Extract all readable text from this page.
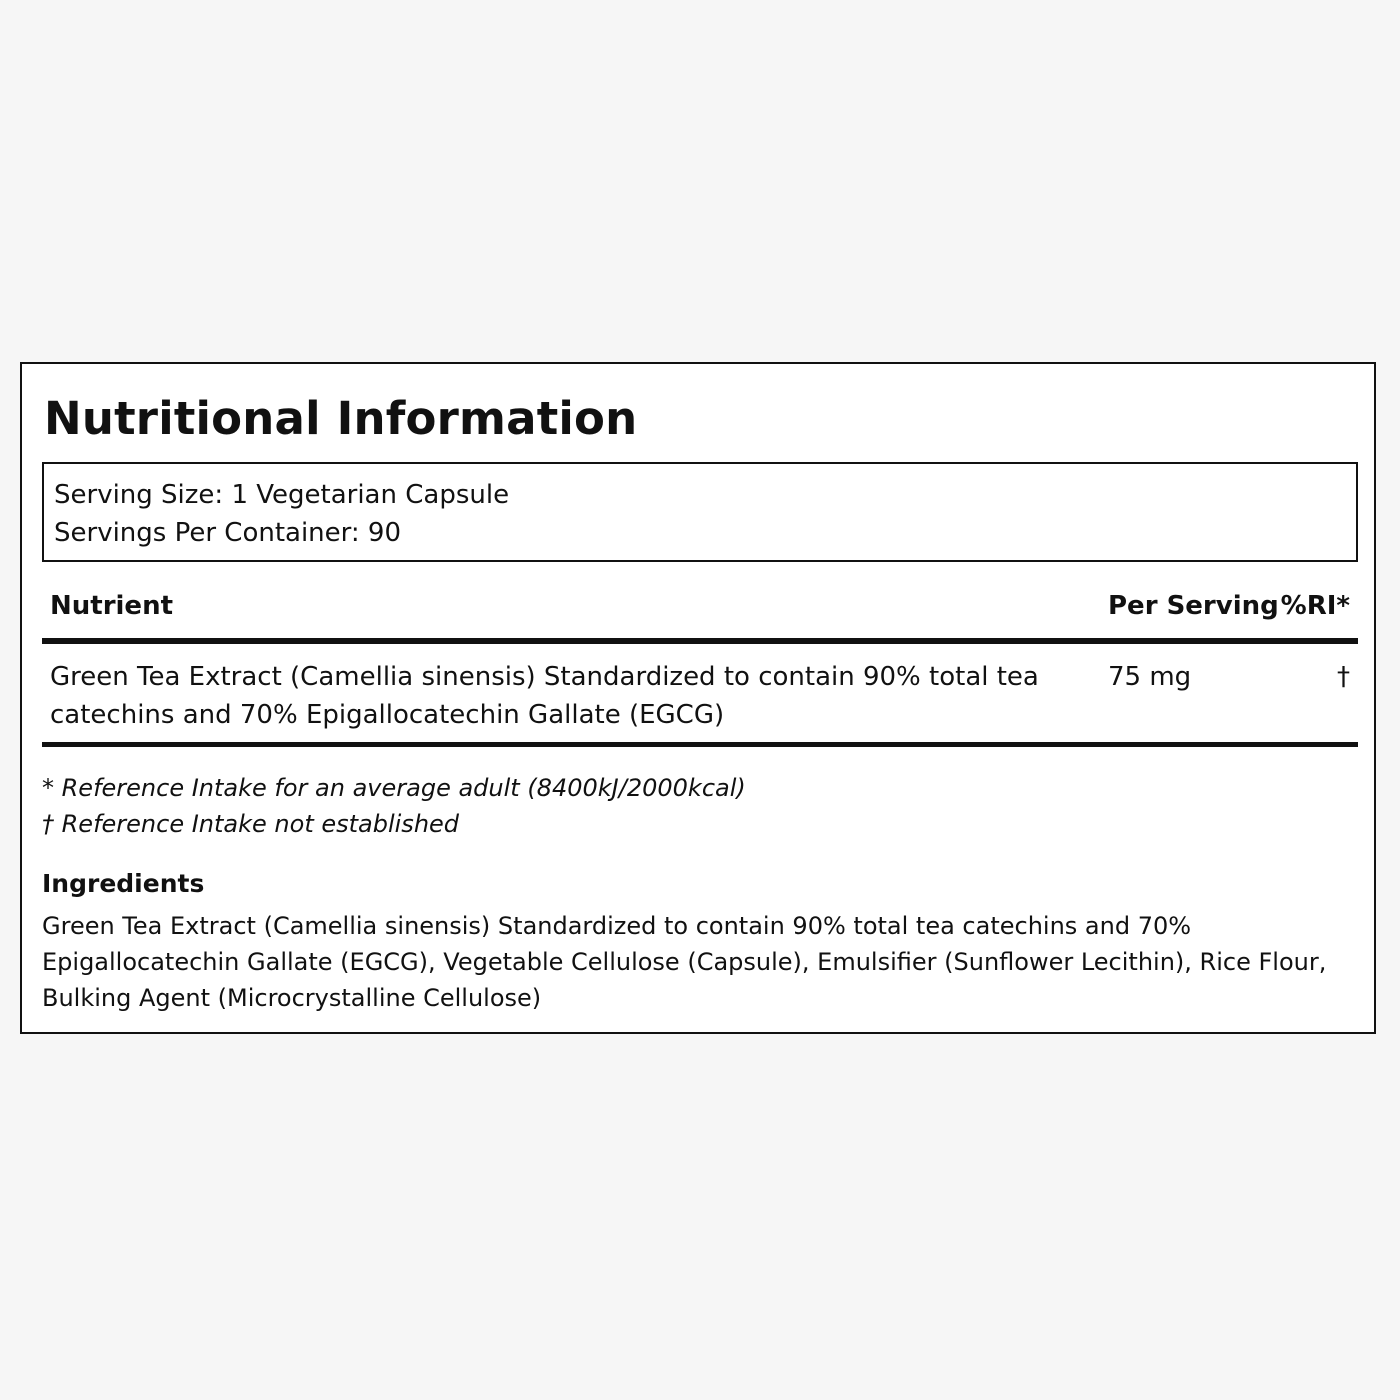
Nutritional Information
Serving Size: 1 Vegetarian Capsule
Servings Per Container: 90
Nutrient	Per Serving %RI*
Green Tea Extract (Camellia sinensis) Standardized to contain 90% total tea catechins and 70% Epigallocatechin Gallate (EGCG)
75 mg	†
* Reference Intake for an average adult (8400kJ/2000kcal)
† Reference Intake not established
Ingredients
Green Tea Extract (Camellia sinensis) Standardized to contain 90% total tea catechins and 70% Epigallocatechin Gallate (EGCG), Vegetable Cellulose (Capsule), Emulsifier (Sunflower Lecithin), Rice Flour, Bulking Agent (Microcrystalline Cellulose)
